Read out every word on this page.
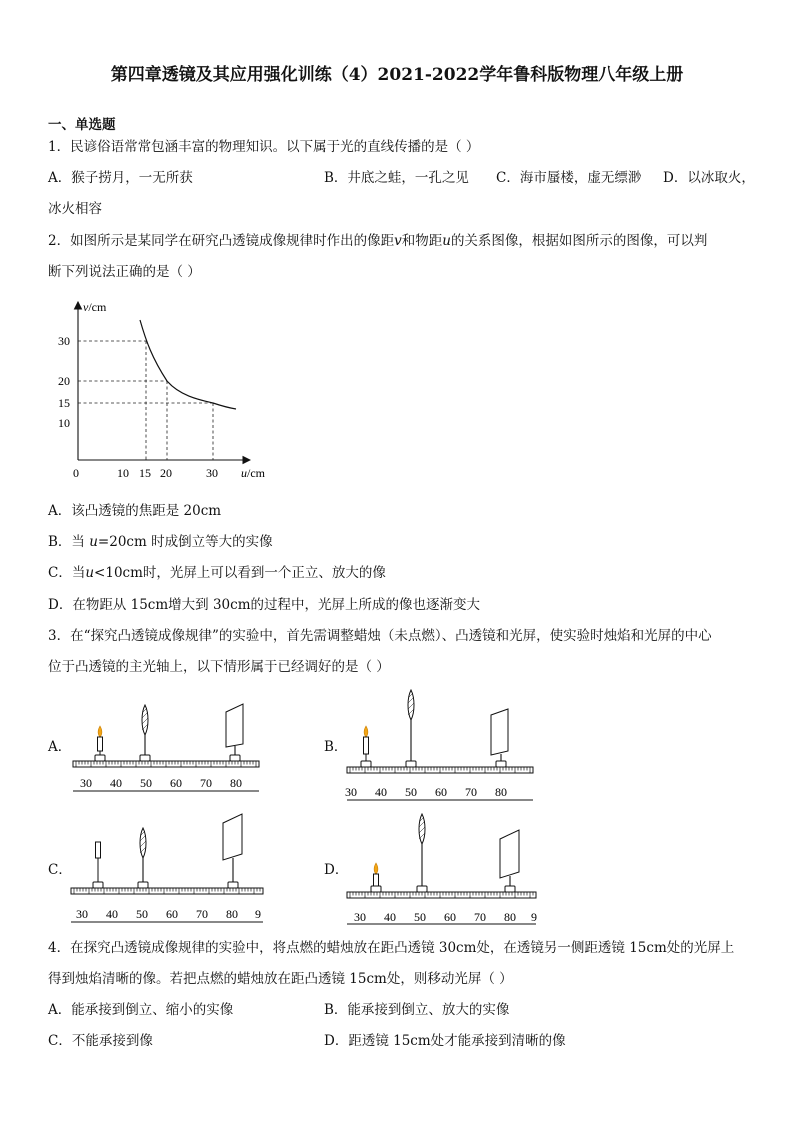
第四章透镜及其应用强化训练（4）2021-2022学年鲁科版物理八年级上册
一、单选题
1．民谚俗语常常包涵丰富的物理知识。以下属于光的直线传播的是（ ）
A．猴子捞月，一无所获	B．井底之蛙，一孔之见 C．海市蜃楼，虚无缥渺 D．以冰取火，
冰火相容
2．如图所示是某同学在研究凸透镜成像规律时作出的像距v和物距u的关系图像，根据如图所示的图像，可以判
断下列说法正确的是（ ）
v/cm
u/cm
0
30
20
15
10
10 15 20	30
A．该凸透镜的焦距是 20cm
B．当 u=20cm 时成倒立等大的实像
C．当u<10cm时，光屏上可以看到一个正立、放大的像
D．在物距从 15cm增大到 30cm的过程中，光屏上所成的像也逐渐变大
3．在“探究凸透镜成像规律”的实验中，首先需调整蜡烛（未点燃）、凸透镜和光屏，使实验时烛焰和光屏的中心
位于凸透镜的主光轴上，以下情形属于已经调好的是（ ）
A．
30 40 50 60 70 80
B．
30 40 50 60 70 80
C．
30 40 50 60 70 80 9
D．
30 40 50 60 70 80 9
4．在探究凸透镜成像规律的实验中，将点燃的蜡烛放在距凸透镜 30cm处，在透镜另一侧距透镜 15cm处的光屏上
得到烛焰清晰的像。若把点燃的蜡烛放在距凸透镜 15cm处，则移动光屏（ ）
A．能承接到倒立、缩小的实像	B．能承接到倒立、放大的实像
C．不能承接到像	D．距透镜 15cm处才能承接到清晰的像
